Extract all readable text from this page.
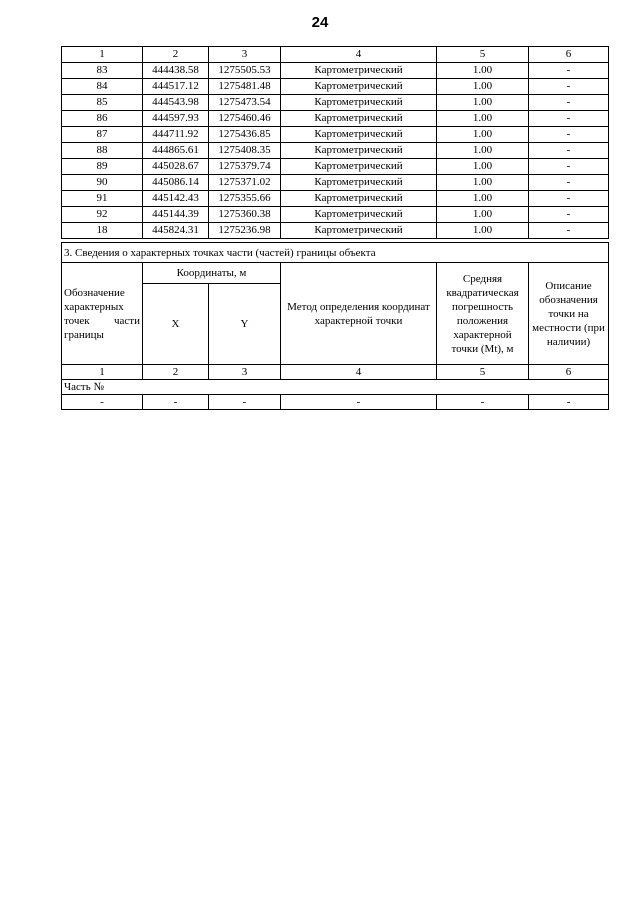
24
1	2	3	4	5	6
83	444438.58	1275505.53	Картометрический	1.00	-
84	444517.12	1275481.48	Картометрический	1.00	-
85	444543.98	1275473.54	Картометрический	1.00	-
86	444597.93	1275460.46	Картометрический	1.00	-
87	444711.92	1275436.85	Картометрический	1.00	-
88	444865.61	1275408.35	Картометрический	1.00	-
89	445028.67	1275379.74	Картометрический	1.00	-
90	445086.14	1275371.02	Картометрический	1.00	-
91	445142.43	1275355.66	Картометрический	1.00	-
92	445144.39	1275360.38	Картометрический	1.00	-
18	445824.31	1275236.98	Картометрический	1.00	-
3. Сведения о характерных точках части (частей) границы объекта					
Обозначение характерных точек части границы	Координаты, м		Метод определения координат характерной точки	Средняя квадратическая погрешность положения характерной точки (Mt), м	Описание обозначения точки на местности (при наличии)
	X	Y			
1	2	3	4	5	6
Часть №					
-	-	-	-	-	-
